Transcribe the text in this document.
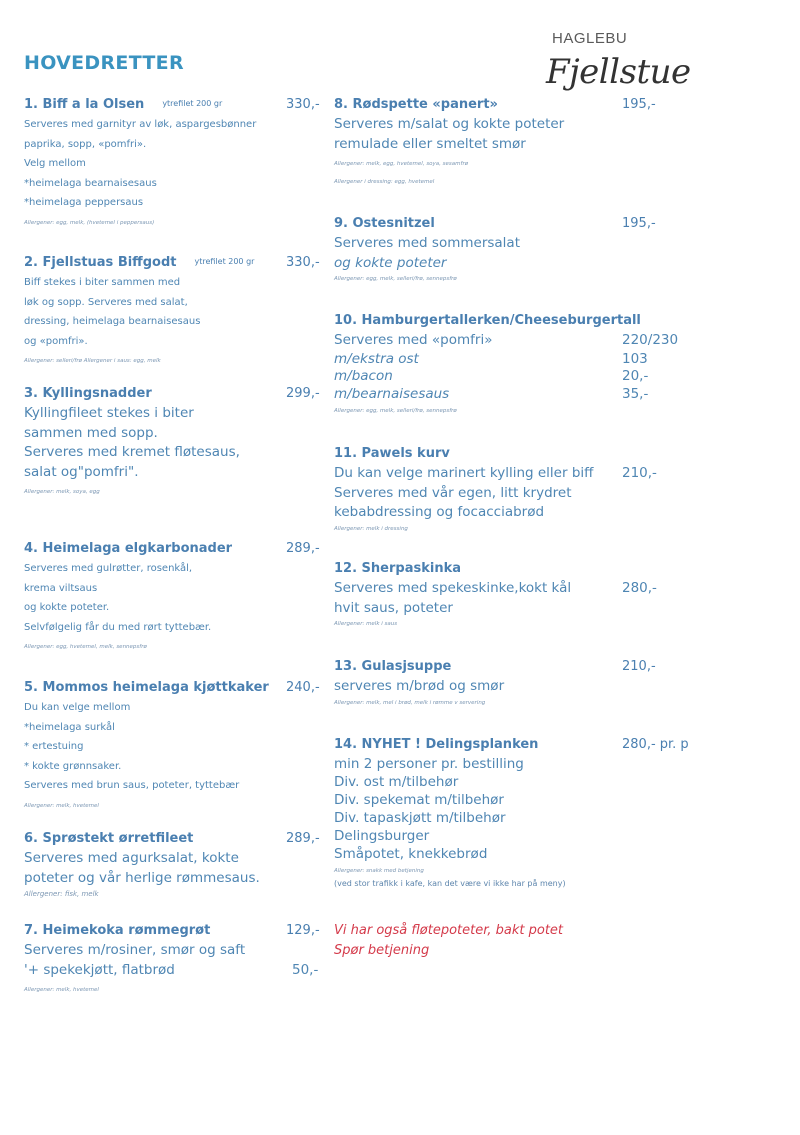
HOVEDRETTER
HAGLEBU
Fjellstue
1. Biff a la Olsen ytrefilet 200 gr	330,-
Serveres med garnityr av løk, aspargesbønner
paprika, sopp, «pomfri».
Velg mellom
*heimelaga bearnaisesaus
*heimelaga peppersaus
Allergener: egg, melk, (hvetemel i peppersaus)
2. Fjellstuas Biffgodt ytrefilet 200 gr 330,-
Biff stekes i biter sammen med
løk og sopp. Serveres med salat,
dressing, heimelaga bearnaisesaus
og «pomfri».
Allergener: selleri/frø Allergener i saus: egg, melk
3. Kyllingsnadder	299,-
Kyllingfileet stekes i biter
sammen med sopp.
Serveres med kremet fløtesaus,
salat og"pomfri".
Allergener: melk, soya, egg
4. Heimelaga elgkarbonader	289,-
Serveres med gulrøtter, rosenkål,
krema viltsaus
og kokte poteter.
Selvfølgelig får du med rørt tyttebær.
Allergener: egg, hvetemel, melk, sennepsfrø
5. Mommos heimelaga kjøttkaker 240,-
Du kan velge mellom
*heimelaga surkål
* ertestuing
* kokte grønnsaker.
Serveres med brun saus, poteter, tyttebær
Allergener: melk, hvetemel
6. Sprøstekt ørretfileet	289,-
Serveres med agurksalat, kokte
poteter og vår herlige rømmesaus.
Allergener: fisk, melk
7. Heimekoka rømmegrøt	129,-
Serveres m/rosiner, smør og saft
'+ spekekjøtt, flatbrød	50,-
Allergener: melk, hvetemel
8. Rødspette «panert»	195,-
Serveres m/salat og kokte poteter
remulade eller smeltet smør
Allergener: melk, egg, hvetemel, soya, sesamfrø
Allergener i dressing: egg, hvetemel
9. Ostesnitzel	195,-
Serveres med sommersalat
og kokte poteter
Allergener: egg, melk, selleri/frø, sennepsfrø
10. Hamburgertallerken/Cheeseburgertall
Serveres med «pomfri»	220/230
m/ekstra ost	103
m/bacon	20,-
m/bearnaisesaus	35,-
Allergener: egg, melk, selleri/frø, sennepsfrø
11. Pawels kurv
Du kan velge marinert kylling eller biff 210,-
Serveres med vår egen, litt krydret
kebabdressing og focacciabrød
Allergener: melk i dressing
12. Sherpaskinka
Serveres med spekeskinke,kokt kål	280,-
hvit saus, poteter
Allergener: melk i saus
13. Gulasjsuppe	210,-
serveres m/brød og smør
Allergener: melk, mel i brød, melk i rømme v servering
14. NYHET ! Delingsplanken	280,- pr. p
min 2 personer pr. bestilling
Div. ost m/tilbehør
Div. spekemat m/tilbehør
Div. tapaskjøtt m/tilbehør
Delingsburger
Småpotet, knekkebrød
Allergener: snakk med betjening
(ved stor trafikk i kafe, kan det være vi ikke har på meny)
Vi har også fløtepoteter, bakt potet
Spør betjening
